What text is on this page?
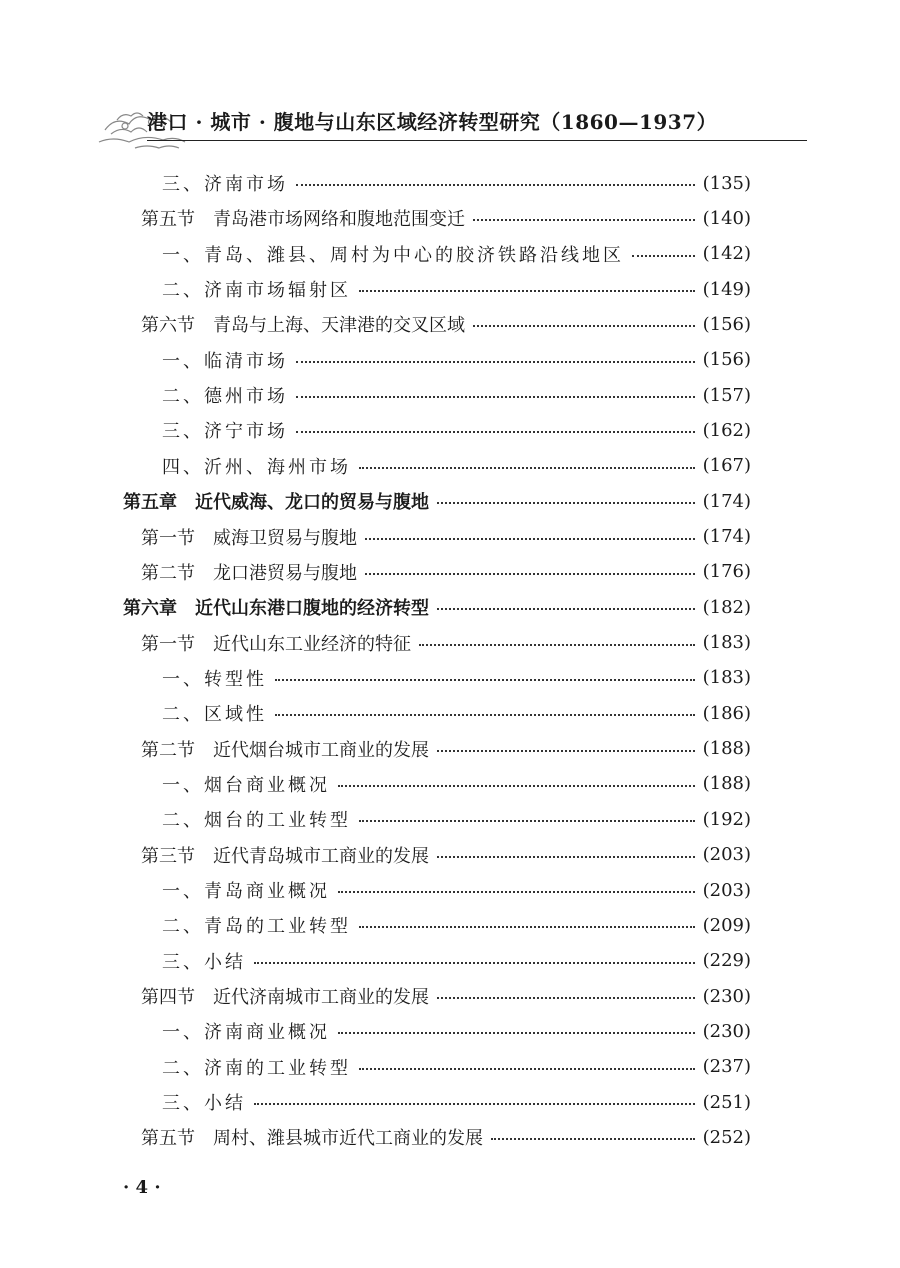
港口 · 城市 · 腹地与山东区域经济转型研究（1860—1937）
三、济南市场	(135)
第五节　青岛港市场网络和腹地范围变迁	(140)
一、青岛、潍县、周村为中心的胶济铁路沿线地区	(142)
二、济南市场辐射区	(149)
第六节　青岛与上海、天津港的交叉区域	(156)
一、临清市场	(156)
二、德州市场	(157)
三、济宁市场	(162)
四、沂州、海州市场	(167)
第五章　近代威海、龙口的贸易与腹地	(174)
第一节　威海卫贸易与腹地	(174)
第二节　龙口港贸易与腹地	(176)
第六章　近代山东港口腹地的经济转型	(182)
第一节　近代山东工业经济的特征	(183)
一、转型性	(183)
二、区域性	(186)
第二节　近代烟台城市工商业的发展	(188)
一、烟台商业概况	(188)
二、烟台的工业转型	(192)
第三节　近代青岛城市工商业的发展	(203)
一、青岛商业概况	(203)
二、青岛的工业转型	(209)
三、小结	(229)
第四节　近代济南城市工商业的发展	(230)
一、济南商业概况	(230)
二、济南的工业转型	(237)
三、小结	(251)
第五节　周村、潍县城市近代工商业的发展	(252)
· 4 ·
